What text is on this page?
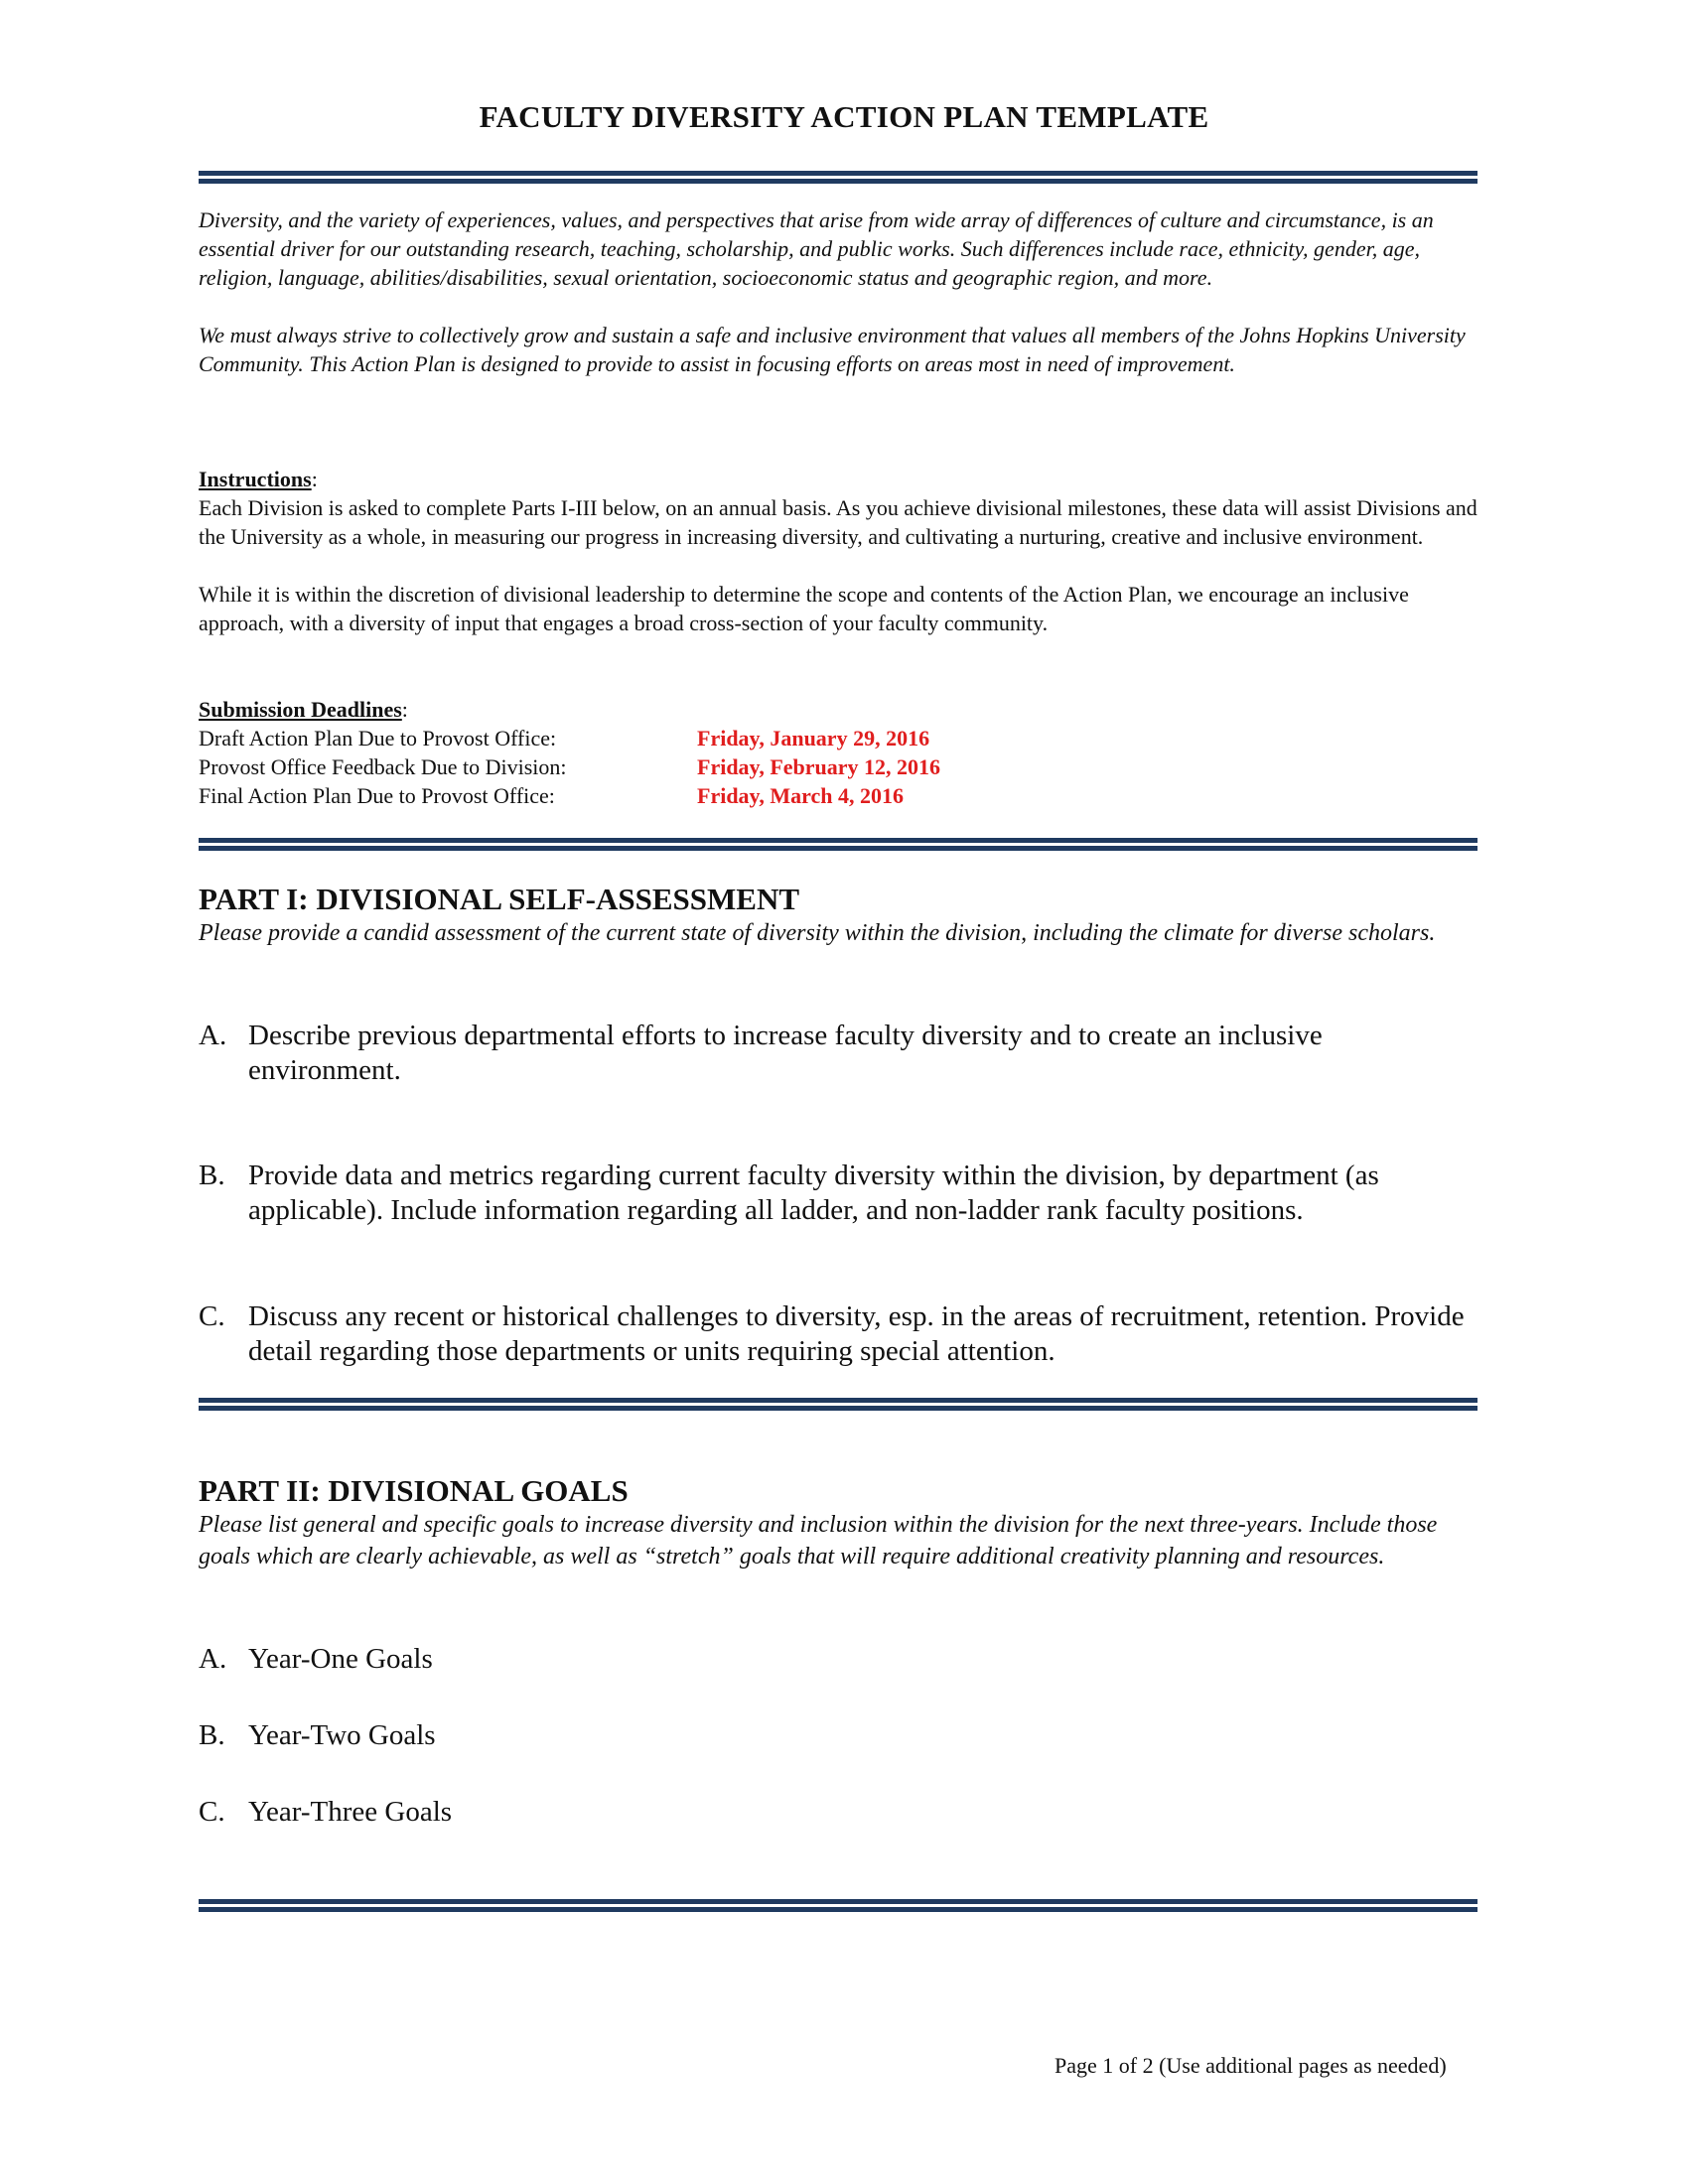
FACULTY DIVERSITY ACTION PLAN TEMPLATE

Diversity, and the variety of experiences, values, and perspectives that arise from wide array of differences of culture and circumstance, is an essential driver for our outstanding research, teaching, scholarship, and public works. Such differences include race, ethnicity, gender, age, religion, language, abilities/disabilities, sexual orientation, socioeconomic status and geographic region, and more.

We must always strive to collectively grow and sustain a safe and inclusive environment that values all members of the Johns Hopkins University Community. This Action Plan is designed to provide to assist in focusing efforts on areas most in need of improvement.

Instructions:

Each Division is asked to complete Parts I-III below, on an annual basis. As you achieve divisional milestones, these data will assist Divisions and the University as a whole, in measuring our progress in increasing diversity, and cultivating a nurturing, creative and inclusive environment.

While it is within the discretion of divisional leadership to determine the scope and contents of the Action Plan, we encourage an inclusive approach, with a diversity of input that engages a broad cross-section of your faculty community.

Submission Deadlines:

Draft Action Plan Due to Provost Office:	Friday, January 29, 2016
Provost Office Feedback Due to Division:	Friday, February 12, 2016
Final Action Plan Due to Provost Office:	Friday, March 4, 2016

PART I: DIVISIONAL SELF-ASSESSMENT

Please provide a candid assessment of the current state of diversity within the division, including the climate for diverse scholars.

A. Describe previous departmental efforts to increase faculty diversity and to create an inclusive environment.
B. Provide data and metrics regarding current faculty diversity within the division, by department (as applicable). Include information regarding all ladder, and non-ladder rank faculty positions.
C. Discuss any recent or historical challenges to diversity, esp. in the areas of recruitment, retention. Provide detail regarding those departments or units requiring special attention.

PART II: DIVISIONAL GOALS

Please list general and specific goals to increase diversity and inclusion within the division for the next three-years. Include those goals which are clearly achievable, as well as “stretch” goals that will require additional creativity planning and resources.

A. Year-One Goals
B. Year-Two Goals
C. Year-Three Goals
Page 1 of 2 (Use additional pages as needed)
